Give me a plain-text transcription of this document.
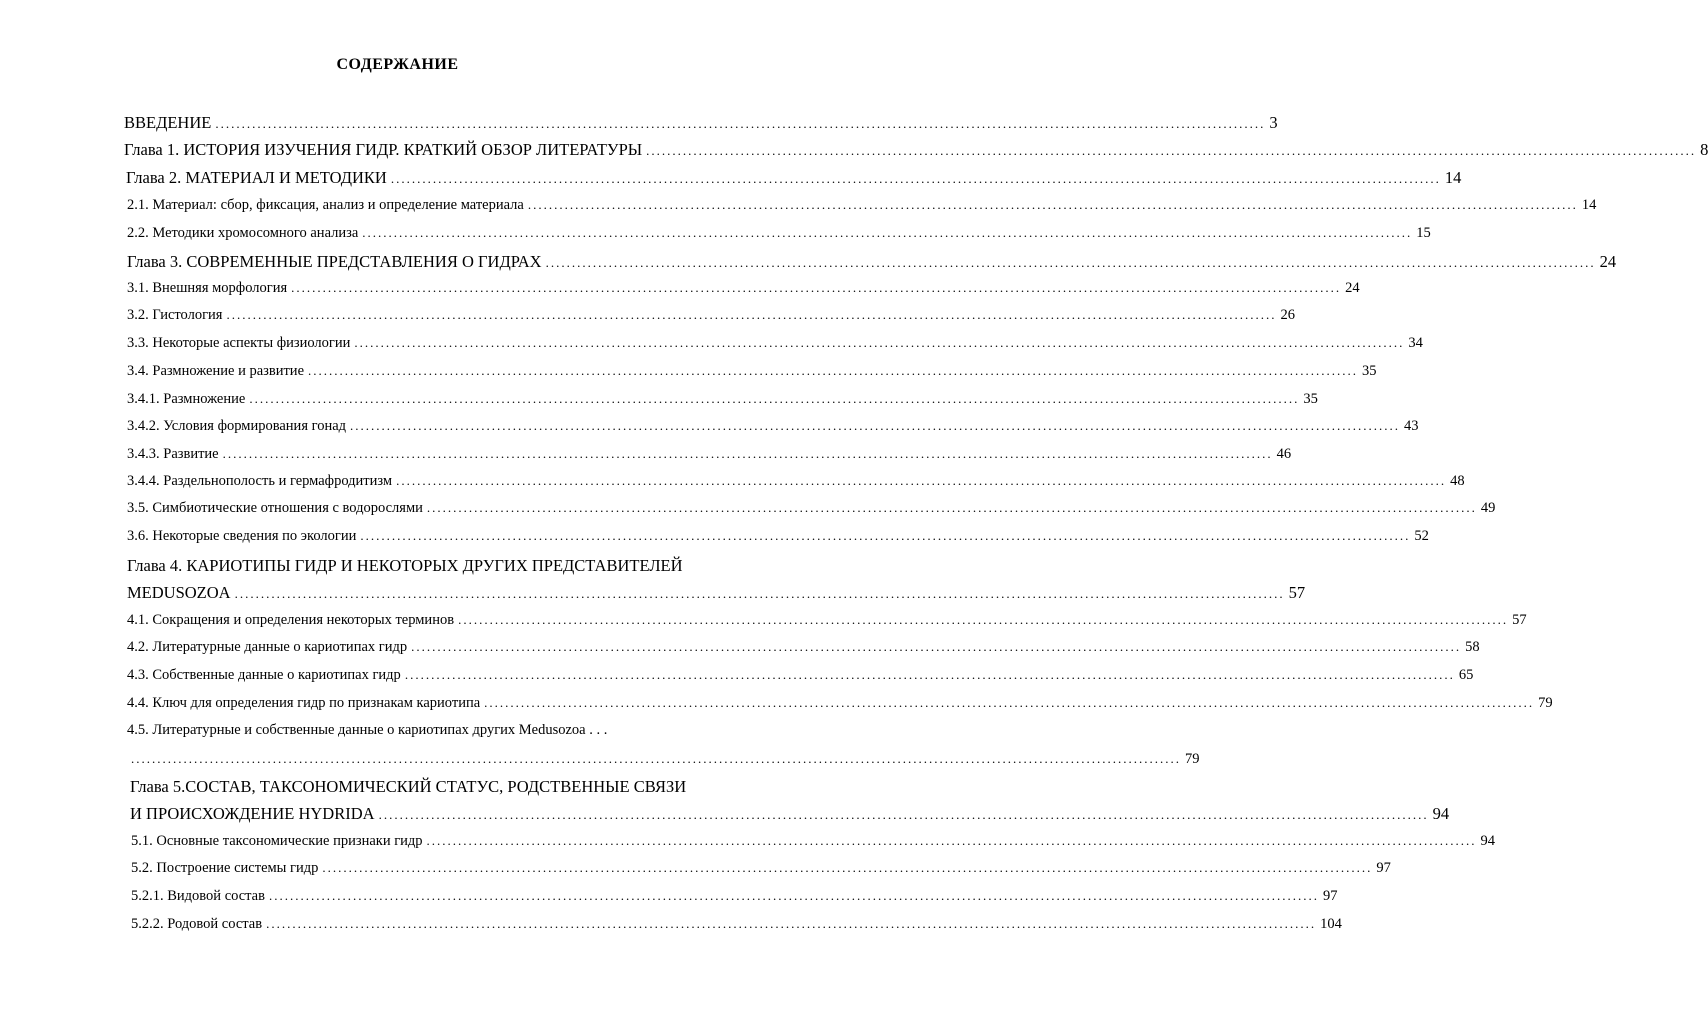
СОДЕРЖАНИЕ
ВВЕДЕНИЕ ........................................................................................................................................................................................................ 3
Глава 1. ИСТОРИЯ ИЗУЧЕНИЯ ГИДР. КРАТКИЙ ОБЗОР ЛИТЕРАТУРЫ ........................................................................................................................................................................................................ 8
Глава 2. МАТЕРИАЛ И МЕТОДИКИ ........................................................................................................................................................................................................ 14
2.1. Материал: сбор, фиксация, анализ и определение материала ........................................................................................................................................................................................................ 14
2.2. Методики хромосомного анализа ........................................................................................................................................................................................................ 15
Глава 3. СОВРЕМЕННЫЕ ПРЕДСТАВЛЕНИЯ О ГИДРАХ ........................................................................................................................................................................................................ 24
3.1. Внешняя морфология ........................................................................................................................................................................................................ 24
3.2. Гистология ........................................................................................................................................................................................................ 26
3.3. Некоторые аспекты физиологии ........................................................................................................................................................................................................ 34
3.4. Размножение и развитие ........................................................................................................................................................................................................ 35
3.4.1. Размножение ........................................................................................................................................................................................................ 35
3.4.2. Условия формирования гонад ........................................................................................................................................................................................................ 43
3.4.3. Развитие ........................................................................................................................................................................................................ 46
3.4.4. Раздельнополость и гермафродитизм ........................................................................................................................................................................................................ 48
3.5. Симбиотические отношения с водорослями ........................................................................................................................................................................................................ 49
3.6. Некоторые сведения по экологии ........................................................................................................................................................................................................ 52
Глава 4. КАРИОТИПЫ ГИДР И НЕКОТОРЫХ ДРУГИХ ПРЕДСТАВИТЕЛЕЙ
MEDUSOZOA ........................................................................................................................................................................................................ 57
4.1. Сокращения и определения некоторых терминов ........................................................................................................................................................................................................ 57
4.2. Литературные данные о кариотипах гидр ........................................................................................................................................................................................................ 58
4.3. Собственные данные о кариотипах гидр ........................................................................................................................................................................................................ 65
4.4. Ключ для определения гидр по признакам кариотипа ........................................................................................................................................................................................................ 79
4.5. Литературные и собственные данные о кариотипах других Medusozoa . . .
........................................................................................................................................................................................................ 79
Глава 5.СОСТАВ, ТАКСОНОМИЧЕСКИЙ СТАТУС, РОДСТВЕННЫЕ СВЯЗИ
И ПРОИСХОЖДЕНИЕ HYDRIDA ........................................................................................................................................................................................................ 94
5.1. Основные таксономические признаки гидр ........................................................................................................................................................................................................ 94
5.2. Построение системы гидр ........................................................................................................................................................................................................ 97
5.2.1. Видовой состав ........................................................................................................................................................................................................ 97
5.2.2. Родовой состав ........................................................................................................................................................................................................ 104
